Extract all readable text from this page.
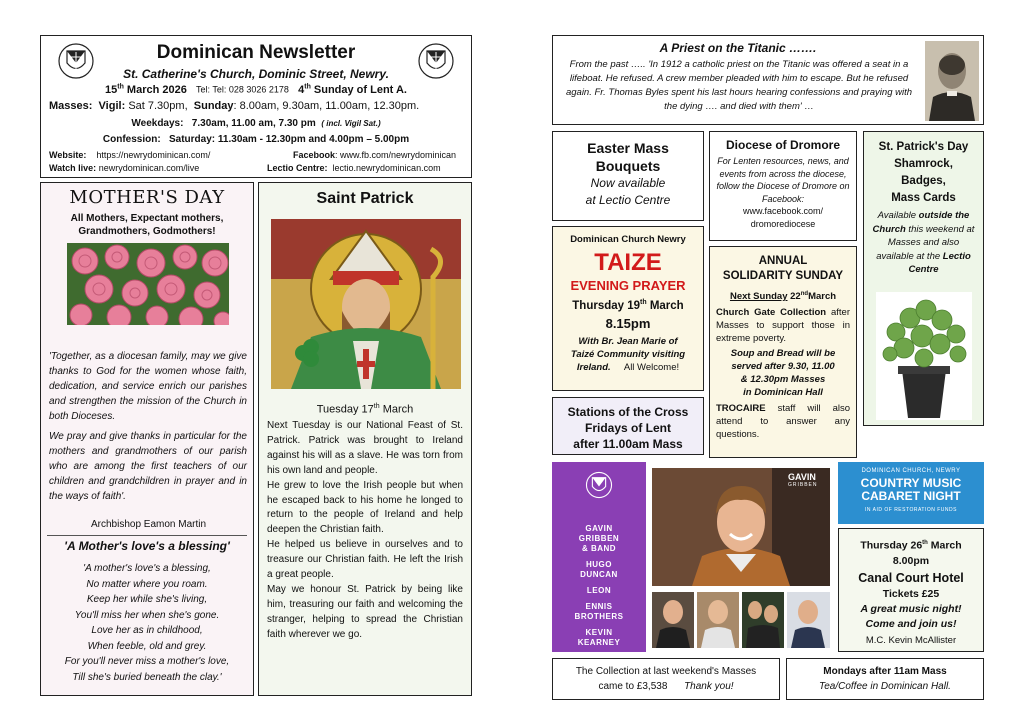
Dominican Newsletter
St. Catherine's Church, Dominic Street, Newry.
15th March 2026 Tel: Tel: 028 3026 2178 4th Sunday of Lent A.
Masses: Vigil: Sat 7.30pm, Sunday: 8.00am, 9.30am, 11.00am, 12.30pm.
Weekdays: 7.30am, 11.00 am, 7.30 pm ( incl. Vigil Sat.)
Confession: Saturday: 11.30am - 12.30pm and 4.00pm – 5.00pm
Website: https://newrydominican.com/	Facebook: www.fb.com/newrydominican
Watch live: newrydominican.com/live	Lectio Centre: lectio.newrydominican.com
MOTHER'S DAY
All Mothers, Expectant mothers,
Grandmothers, Godmothers!

'Together, as a diocesan family, may we give thanks to God for the women whose faith, dedication, and service enrich our parishes and strengthen the mission of the Church in both Dioceses.

We pray and give thanks in particular for the mothers and grandmothers of our parish who are among the first teachers of our children and grandchildren in prayer and in the ways of faith'.

Archbishop Eamon Martin
'A Mother's love's a blessing'
'A mother's love's a blessing,
No matter where you roam.
Keep her while she's living,
You'll miss her when she's gone.
Love her as in childhood,
When feeble, old and grey.
For you'll never miss a mother's love,
Till she's buried beneath the clay.'
Saint Patrick
Tuesday 17th March

Next Tuesday is our National Feast of St. Patrick. Patrick was brought to Ireland against his will as a slave. He was torn from his own land and people.

He grew to love the Irish people but when he escaped back to his home he longed to return to the people of Ireland and help deepen the Christian faith.

He helped us believe in ourselves and to treasure our Christian faith. He left the Irish a great people.

May we honour St. Patrick by being like him, treasuring our faith and welcoming the stranger, helping to spread the Christian faith wherever we go.

A Priest on the Titanic …….

From the past ….. 'In 1912 a catholic priest on the Titanic was offered a seat in a lifeboat. He refused. A crew member pleaded with him to escape. But he refused again. Fr. Thomas Byles spent his last hours hearing confessions and praying with the dying …. and died with them' …

Easter Mass
Bouquets
Now available
at Lectio Centre
Diocese of Dromore

For Lenten resources, news, and events from across the diocese, follow the Diocese of Dromore on Facebook:

www.facebook.com/
dromorediocese
St. Patrick's Day
Shamrock,
Badges,
Mass Cards

Available outside the Church this weekend at Masses and also available at the Lectio Centre

Dominican Church Newry
TAIZE
EVENING PRAYER
Thursday 19th March
8.15pm
With Br. Jean Marie of
Taizé Community visiting
Ireland. All Welcome!
ANNUAL
SOLIDARITY SUNDAY
Next Sunday 22ndMarch

Church Gate Collection after Masses to support those in extreme poverty.

Soup and Bread will be
served after 9.30, 11.00
& 12.30pm Masses
in Dominican Hall

TROCAIRE staff will also attend to answer any questions.

Stations of the Cross
Fridays of Lent
after 11.00am Mass
GAVIN
GRIBBEN
& BAND
HUGO
DUNCAN
LEON
ENNIS
BROTHERS
KEVIN
KEARNEY
GAVIN
GRIBBEN
DOMINICAN CHURCH, NEWRY
COUNTRY MUSIC
CABARET NIGHT
IN AID OF RESTORATION FUNDS
Thursday 26th March
8.00pm
Canal Court Hotel
Tickets £25
A great music night!
Come and join us!
M.C. Kevin McAllister
The Collection at last weekend's Masses
came to £3,538 Thank you!
Mondays after 11am Mass
Tea/Coffee in Dominican Hall.
